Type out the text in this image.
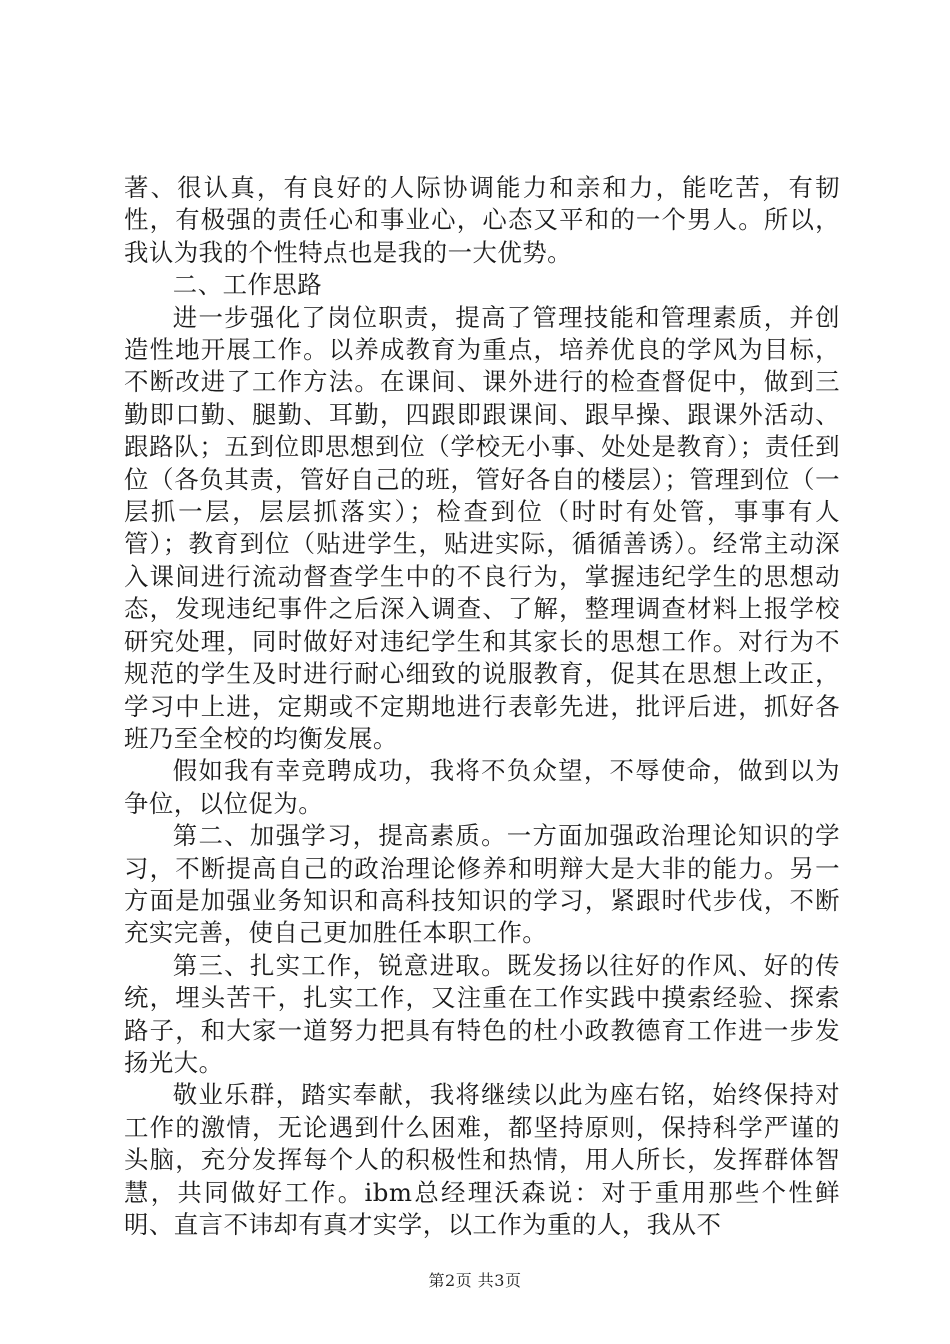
著、很认真，有良好的人际协调能力和亲和力，能吃苦，有韧性，有极强的责任心和事业心，心态又平和的一个男人。所以，我认为我的个性特点也是我的一大优势。

二、工作思路

进一步强化了岗位职责，提高了管理技能和管理素质，并创造性地开展工作。以养成教育为重点，培养优良的学风为目标，不断改进了工作方法。在课间、课外进行的检查督促中，做到三勤即口勤、腿勤、耳勤，四跟即跟课间、跟早操、跟课外活动、跟路队；五到位即思想到位（学校无小事、处处是教育）；责任到位（各负其责，管好自己的班，管好各自的楼层）；管理到位（一层抓一层，层层抓落实）；检查到位（时时有处管，事事有人管）；教育到位（贴进学生，贴进实际，循循善诱）。经常主动深入课间进行流动督查学生中的不良行为，掌握违纪学生的思想动态，发现违纪事件之后深入调查、了解，整理调查材料上报学校研究处理，同时做好对违纪学生和其家长的思想工作。对行为不规范的学生及时进行耐心细致的说服教育，促其在思想上改正，学习中上进，定期或不定期地进行表彰先进，批评后进，抓好各班乃至全校的均衡发展。

假如我有幸竞聘成功，我将不负众望，不辱使命，做到以为争位，以位促为。

第二、加强学习，提高素质。一方面加强政治理论知识的学习，不断提高自己的政治理论修养和明辩大是大非的能力。另一方面是加强业务知识和高科技知识的学习，紧跟时代步伐，不断充实完善，使自己更加胜任本职工作。

第三、扎实工作，锐意进取。既发扬以往好的作风、好的传统，埋头苦干，扎实工作，又注重在工作实践中摸索经验、探索路子，和大家一道努力把具有特色的杜小政教德育工作进一步发扬光大。

敬业乐群，踏实奉献，我将继续以此为座右铭，始终保持对工作的激情，无论遇到什么困难，都坚持原则，保持科学严谨的头脑，充分发挥每个人的积极性和热情，用人所长，发挥群体智慧，共同做好工作。ibm总经理沃森说：对于重用那些个性鲜明、直言不讳却有真才实学，以工作为重的人，我从不

第2页 共3页
